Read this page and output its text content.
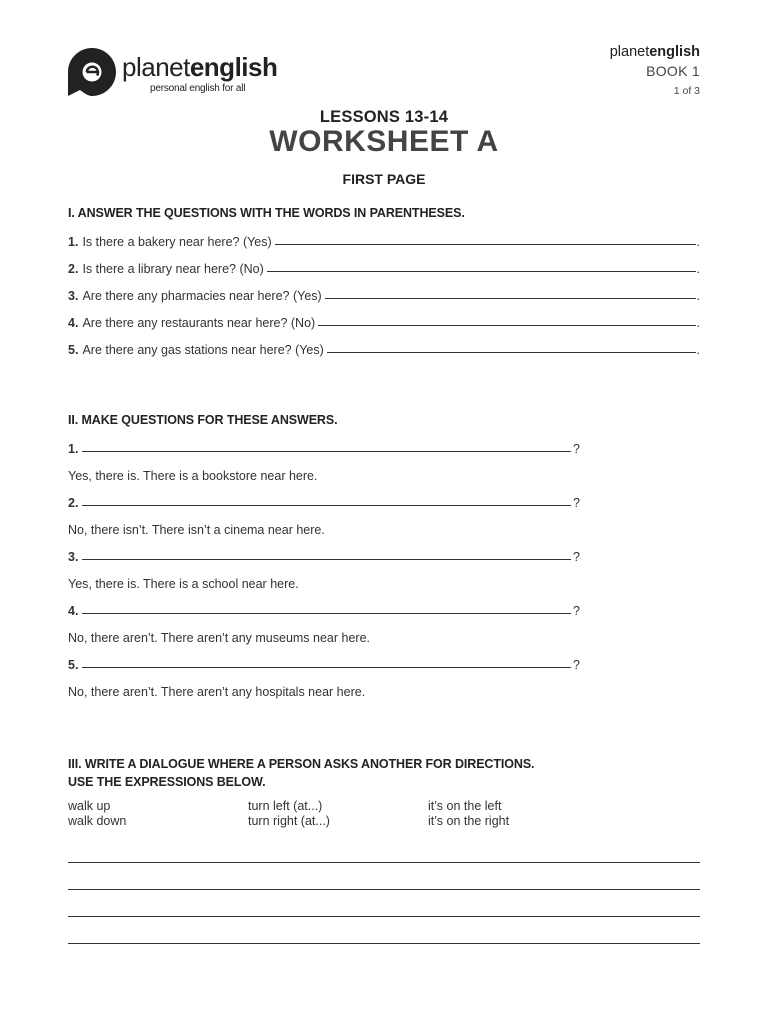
planetenglish
personal english for all
planetenglish
BOOK 1
1 of 3
LESSONS 13-14
WORKSHEET A
FIRST PAGE
I. ANSWER THE QUESTIONS WITH THE WORDS IN PARENTHESES.
1. Is there a bakery near here? (Yes)	.
2. Is there a library near here? (No)	.
3. Are there any pharmacies near here? (Yes)	.
4. Are there any restaurants near here? (No)	.
5. Are there any gas stations near here? (Yes)	.
II. MAKE QUESTIONS FOR THESE ANSWERS.
1.	?
Yes, there is. There is a bookstore near here.
2.	?
No, there isn’t. There isn’t a cinema near here.
3.	?
Yes, there is. There is a school near here.
4.	?
No, there aren’t. There aren’t any museums near here.
5.	?
No, there aren’t. There aren’t any hospitals near here.
III. WRITE A DIALOGUE WHERE A PERSON ASKS ANOTHER FOR DIRECTIONS.
USE THE EXPRESSIONS BELOW.
walk up	turn left (at...)	it’s on the left
walk down	turn right (at...)	it’s on the right
